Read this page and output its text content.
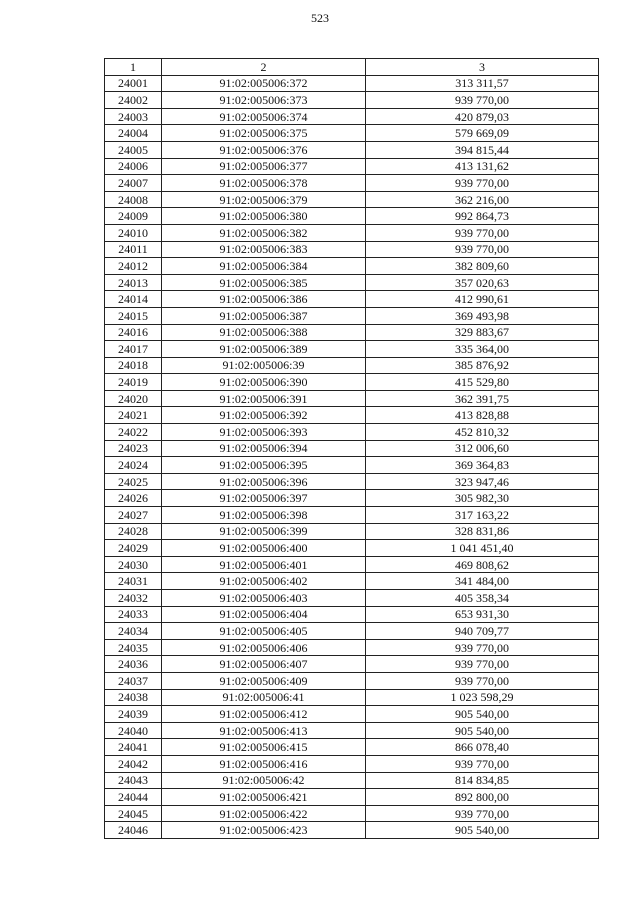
523
1	2	3
24001	91:02:005006:372	313 311,57
24002	91:02:005006:373	939 770,00
24003	91:02:005006:374	420 879,03
24004	91:02:005006:375	579 669,09
24005	91:02:005006:376	394 815,44
24006	91:02:005006:377	413 131,62
24007	91:02:005006:378	939 770,00
24008	91:02:005006:379	362 216,00
24009	91:02:005006:380	992 864,73
24010	91:02:005006:382	939 770,00
24011	91:02:005006:383	939 770,00
24012	91:02:005006:384	382 809,60
24013	91:02:005006:385	357 020,63
24014	91:02:005006:386	412 990,61
24015	91:02:005006:387	369 493,98
24016	91:02:005006:388	329 883,67
24017	91:02:005006:389	335 364,00
24018	91:02:005006:39	385 876,92
24019	91:02:005006:390	415 529,80
24020	91:02:005006:391	362 391,75
24021	91:02:005006:392	413 828,88
24022	91:02:005006:393	452 810,32
24023	91:02:005006:394	312 006,60
24024	91:02:005006:395	369 364,83
24025	91:02:005006:396	323 947,46
24026	91:02:005006:397	305 982,30
24027	91:02:005006:398	317 163,22
24028	91:02:005006:399	328 831,86
24029	91:02:005006:400	1 041 451,40
24030	91:02:005006:401	469 808,62
24031	91:02:005006:402	341 484,00
24032	91:02:005006:403	405 358,34
24033	91:02:005006:404	653 931,30
24034	91:02:005006:405	940 709,77
24035	91:02:005006:406	939 770,00
24036	91:02:005006:407	939 770,00
24037	91:02:005006:409	939 770,00
24038	91:02:005006:41	1 023 598,29
24039	91:02:005006:412	905 540,00
24040	91:02:005006:413	905 540,00
24041	91:02:005006:415	866 078,40
24042	91:02:005006:416	939 770,00
24043	91:02:005006:42	814 834,85
24044	91:02:005006:421	892 800,00
24045	91:02:005006:422	939 770,00
24046	91:02:005006:423	905 540,00
